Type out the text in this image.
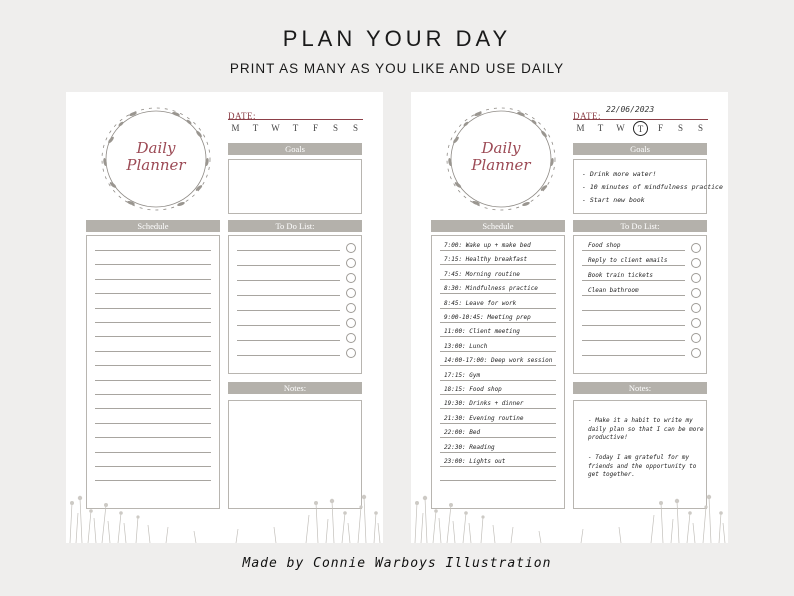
PLAN YOUR DAY
PRINT AS MANY AS YOU LIKE AND USE DAILY
Daily
Planner
DATE:
M	T	W	T	F	S	S
Goals
Schedule	To Do List:
Notes:
Daily
Planner
DATE:
22/06/2023
M	T	W	T	F	S	S
Goals
- Drink more water!
- 10 minutes of mindfulness practice
- Start new book
Schedule
7:00: Wake up + make bed
7:15: Healthy breakfast
7:45: Morning routine
8:30: Mindfulness practice
8:45: Leave for work
9:00-10:45: Meeting prep
11:00: Client meeting
13:00: Lunch
14:00-17:00: Deep work session
17:15: Gym
18:15: Food shop
19:30: Drinks + dinner
21:30: Evening routine
22:00: Bed
22:30: Reading
23:00: Lights out
To Do List:
Food shop
Reply to client emails
Book train tickets
Clean bathroom
Notes:
- Make it a habit to write my daily plan so that I can be more productive!
- Today I am grateful for my friends and the opportunity to get together.
Made by Connie Warboys Illustration
